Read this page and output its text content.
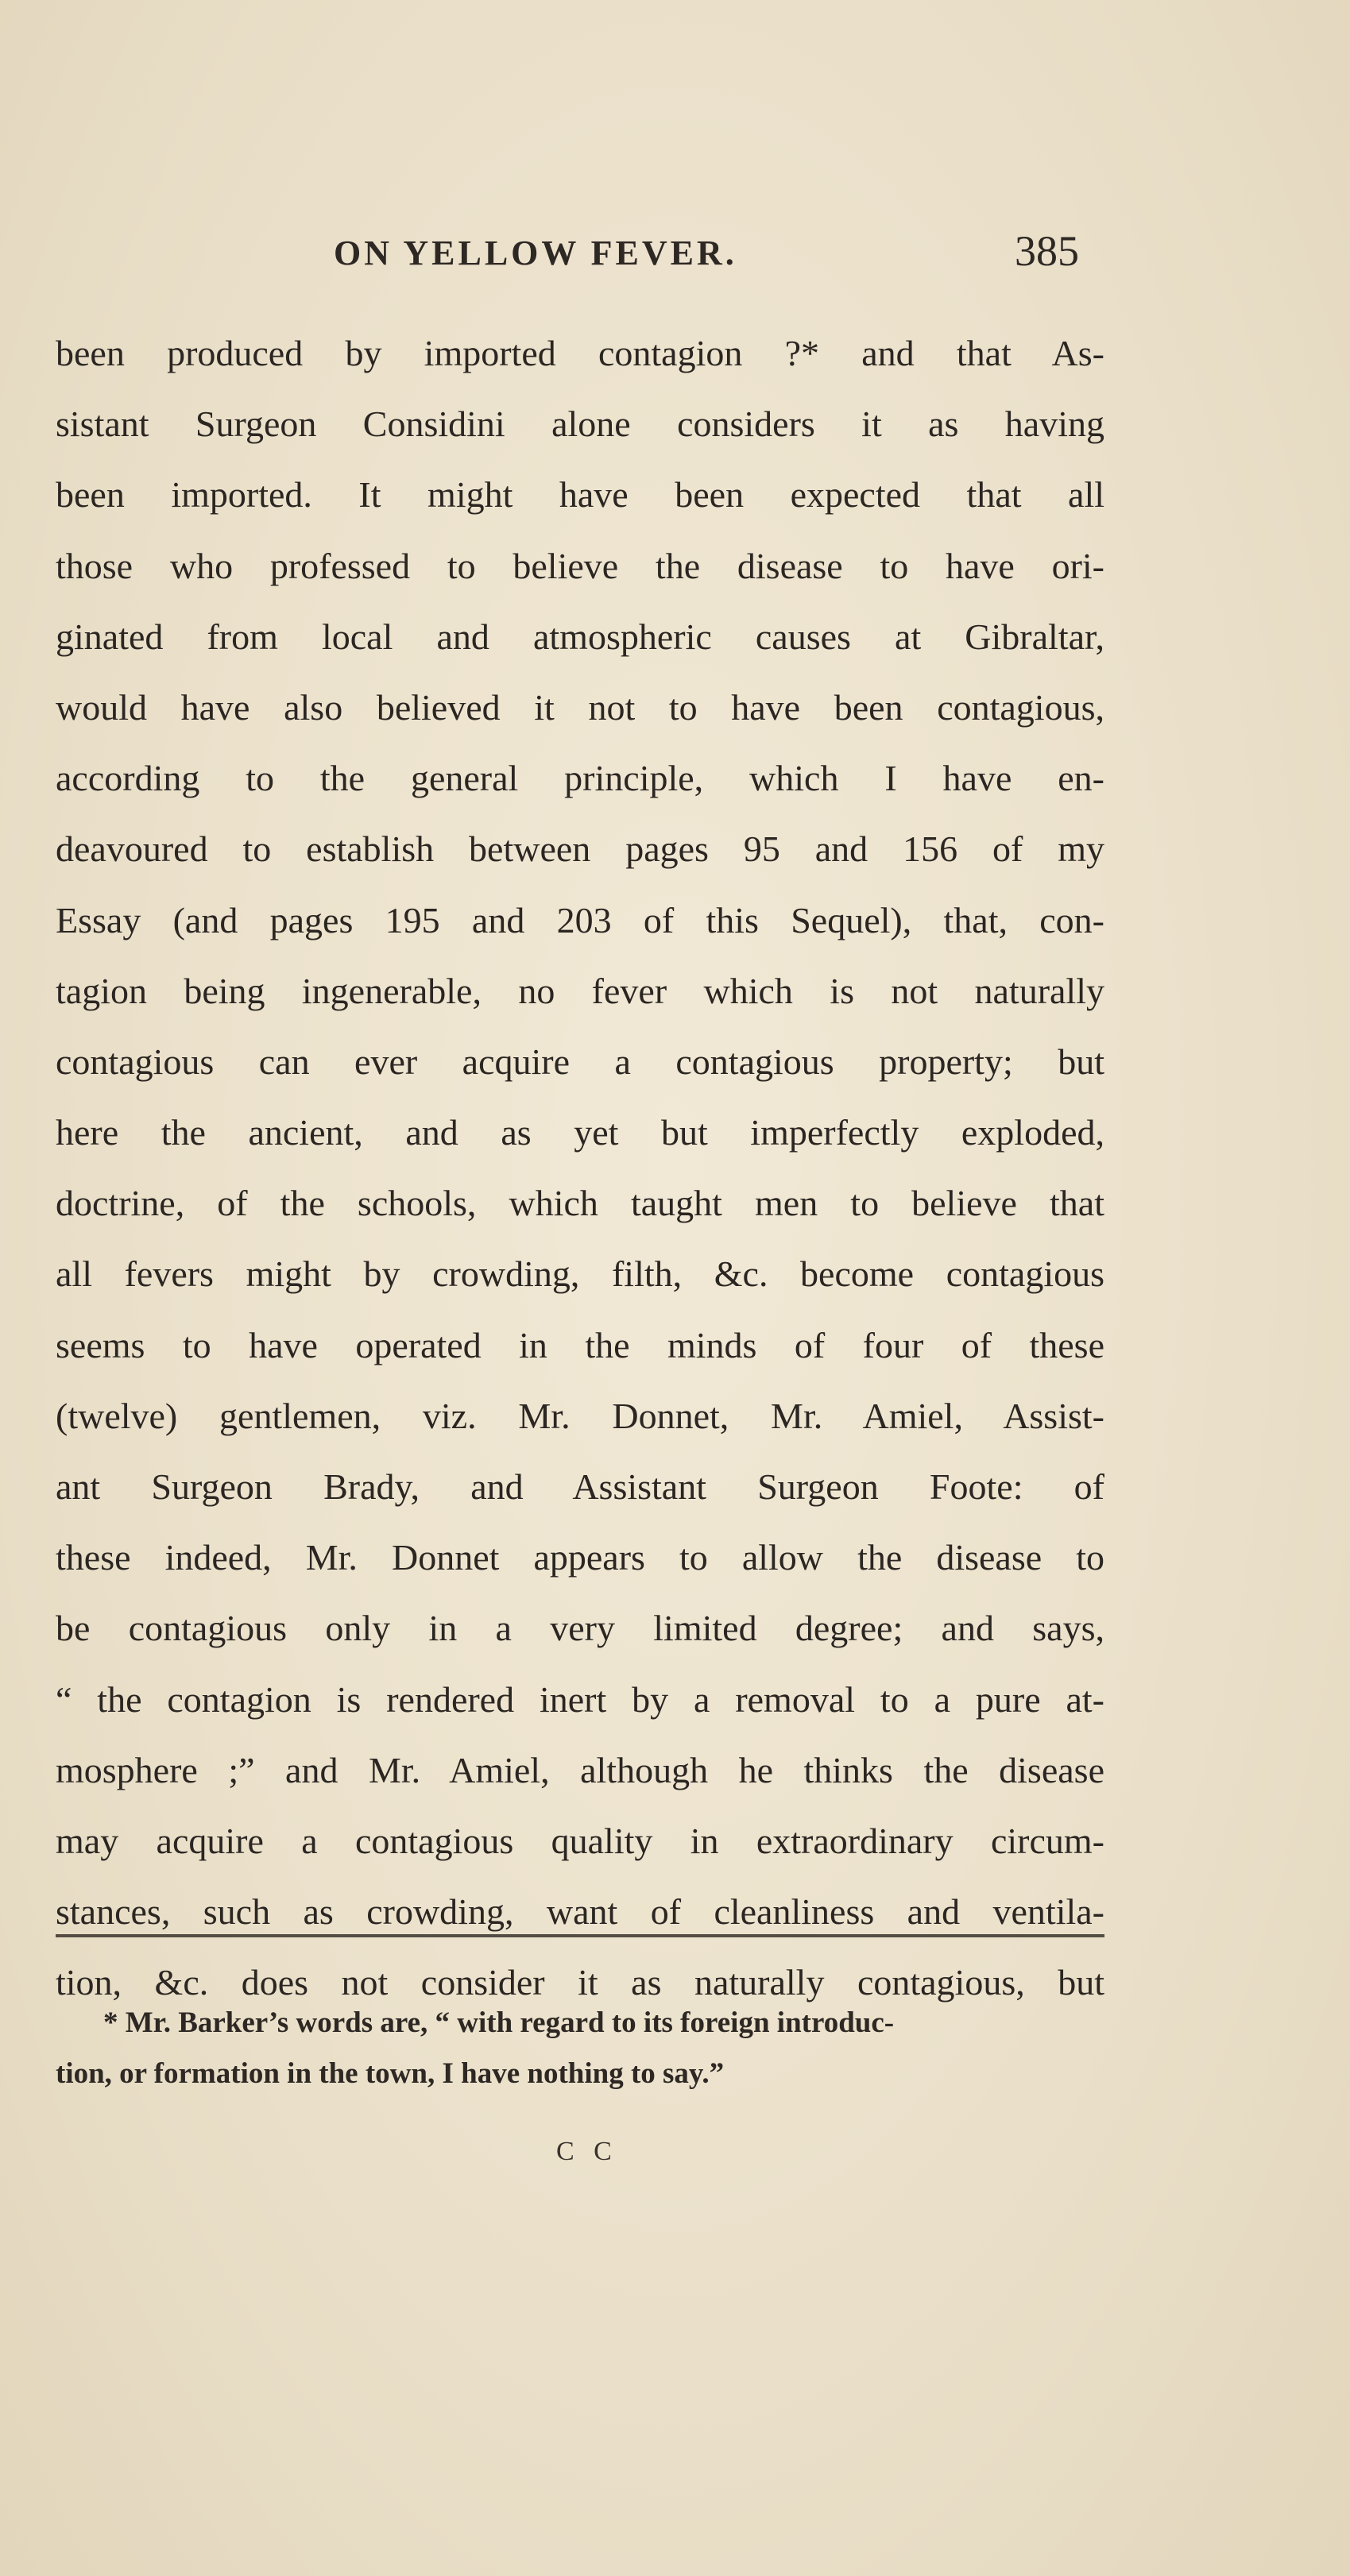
ON YELLOW FEVER.	385
been produced by imported contagion ?* and that As-
sistant Surgeon Considini alone considers it as having
been imported. It might have been expected that all
those who professed to believe the disease to have ori-
ginated from local and atmospheric causes at Gibraltar,
would have also believed it not to have been contagious,
according to the general principle, which I have en-
deavoured to establish between pages 95 and 156 of my
Essay (and pages 195 and 203 of this Sequel), that, con-
tagion being ingenerable, no fever which is not naturally
contagious can ever acquire a contagious property; but
here the ancient, and as yet but imperfectly exploded,
doctrine, of the schools, which taught men to believe that
all fevers might by crowding, filth, &c. become contagious
seems to have operated in the minds of four of these
(twelve) gentlemen, viz. Mr. Donnet, Mr. Amiel, Assist-
ant Surgeon Brady, and Assistant Surgeon Foote: of
these indeed, Mr. Donnet appears to allow the disease to
be contagious only in a very limited degree; and says,
“ the contagion is rendered inert by a removal to a pure at-
mosphere ;” and Mr. Amiel, although he thinks the disease
may acquire a contagious quality in extraordinary circum-
stances, such as crowding, want of cleanliness and ventila-
tion, &c. does not consider it as naturally contagious, but
* Mr. Barker’s words are, “ with regard to its foreign introduc-
tion, or formation in the town, I have nothing to say.”
C C
